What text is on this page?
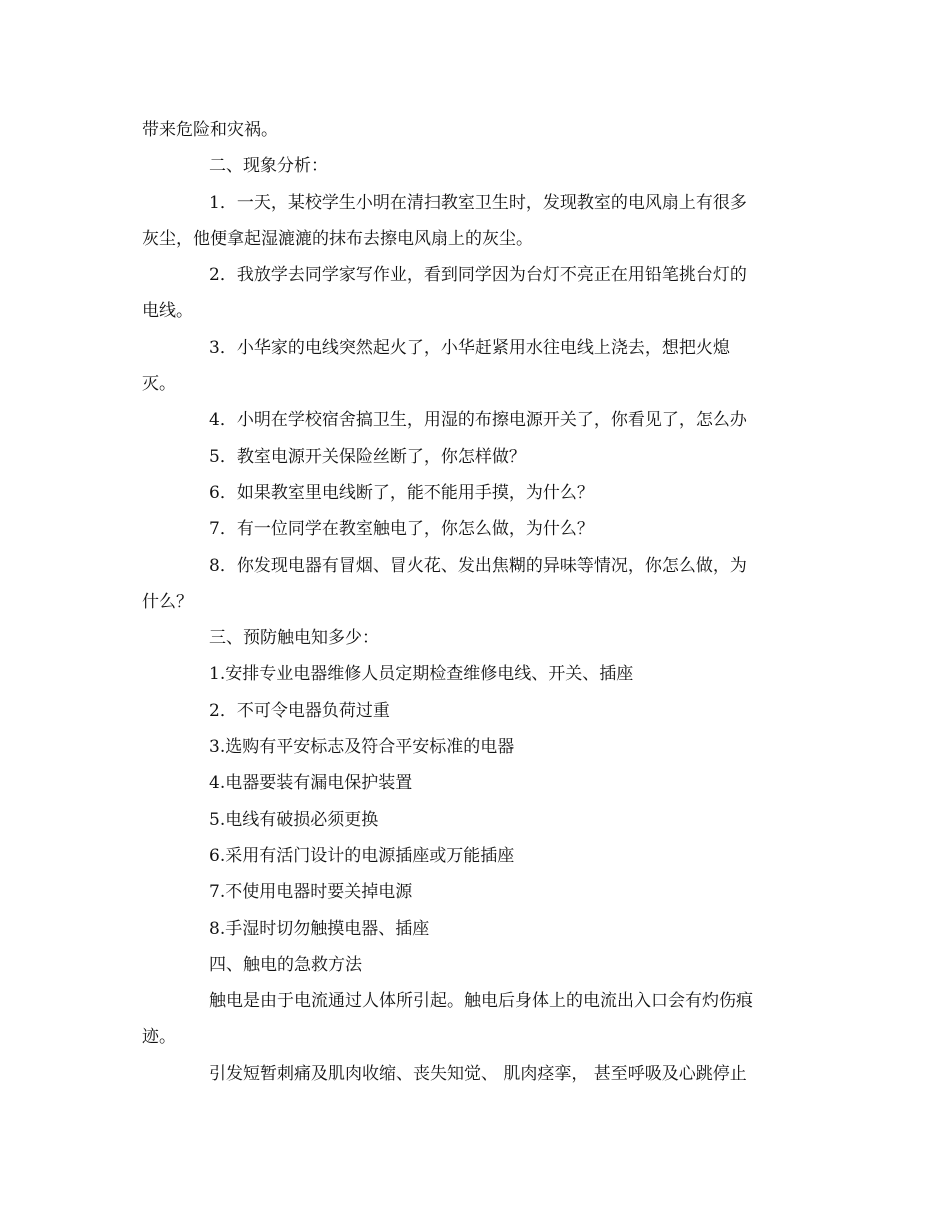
带来危险和灾祸。

二、现象分析：

1．一天，某校学生小明在清扫教室卫生时，发现教室的电风扇上有很多

灰尘，他便拿起湿漉漉的抹布去擦电风扇上的灰尘。

2．我放学去同学家写作业，看到同学因为台灯不亮正在用铅笔挑台灯的

电线。

3．小华家的电线突然起火了，小华赶紧用水往电线上浇去，想把火熄

灭。

4．小明在学校宿舍搞卫生，用湿的布擦电源开关了，你看见了，怎么办

5．教室电源开关保险丝断了，你怎样做？

6．如果教室里电线断了，能不能用手摸，为什么？

7．有一位同学在教室触电了，你怎么做，为什么？

8．你发现电器有冒烟、冒火花、发出焦糊的异味等情况，你怎么做，为

什么？

三、预防触电知多少：

1.安排专业电器维修人员定期检查维修电线、开关、插座

2．不可令电器负荷过重

3.选购有平安标志及符合平安标准的电器

4.电器要装有漏电保护装置

5.电线有破损必须更换

6.采用有活门设计的电源插座或万能插座

7.不使用电器时要关掉电源

8.手湿时切勿触摸电器、插座

四、触电的急救方法

触电是由于电流通过人体所引起。触电后身体上的电流出入口会有灼伤痕

迹。

引发短暂刺痛及肌肉收缩、丧失知觉、 肌肉痉挛， 甚至呼吸及心跳停止
